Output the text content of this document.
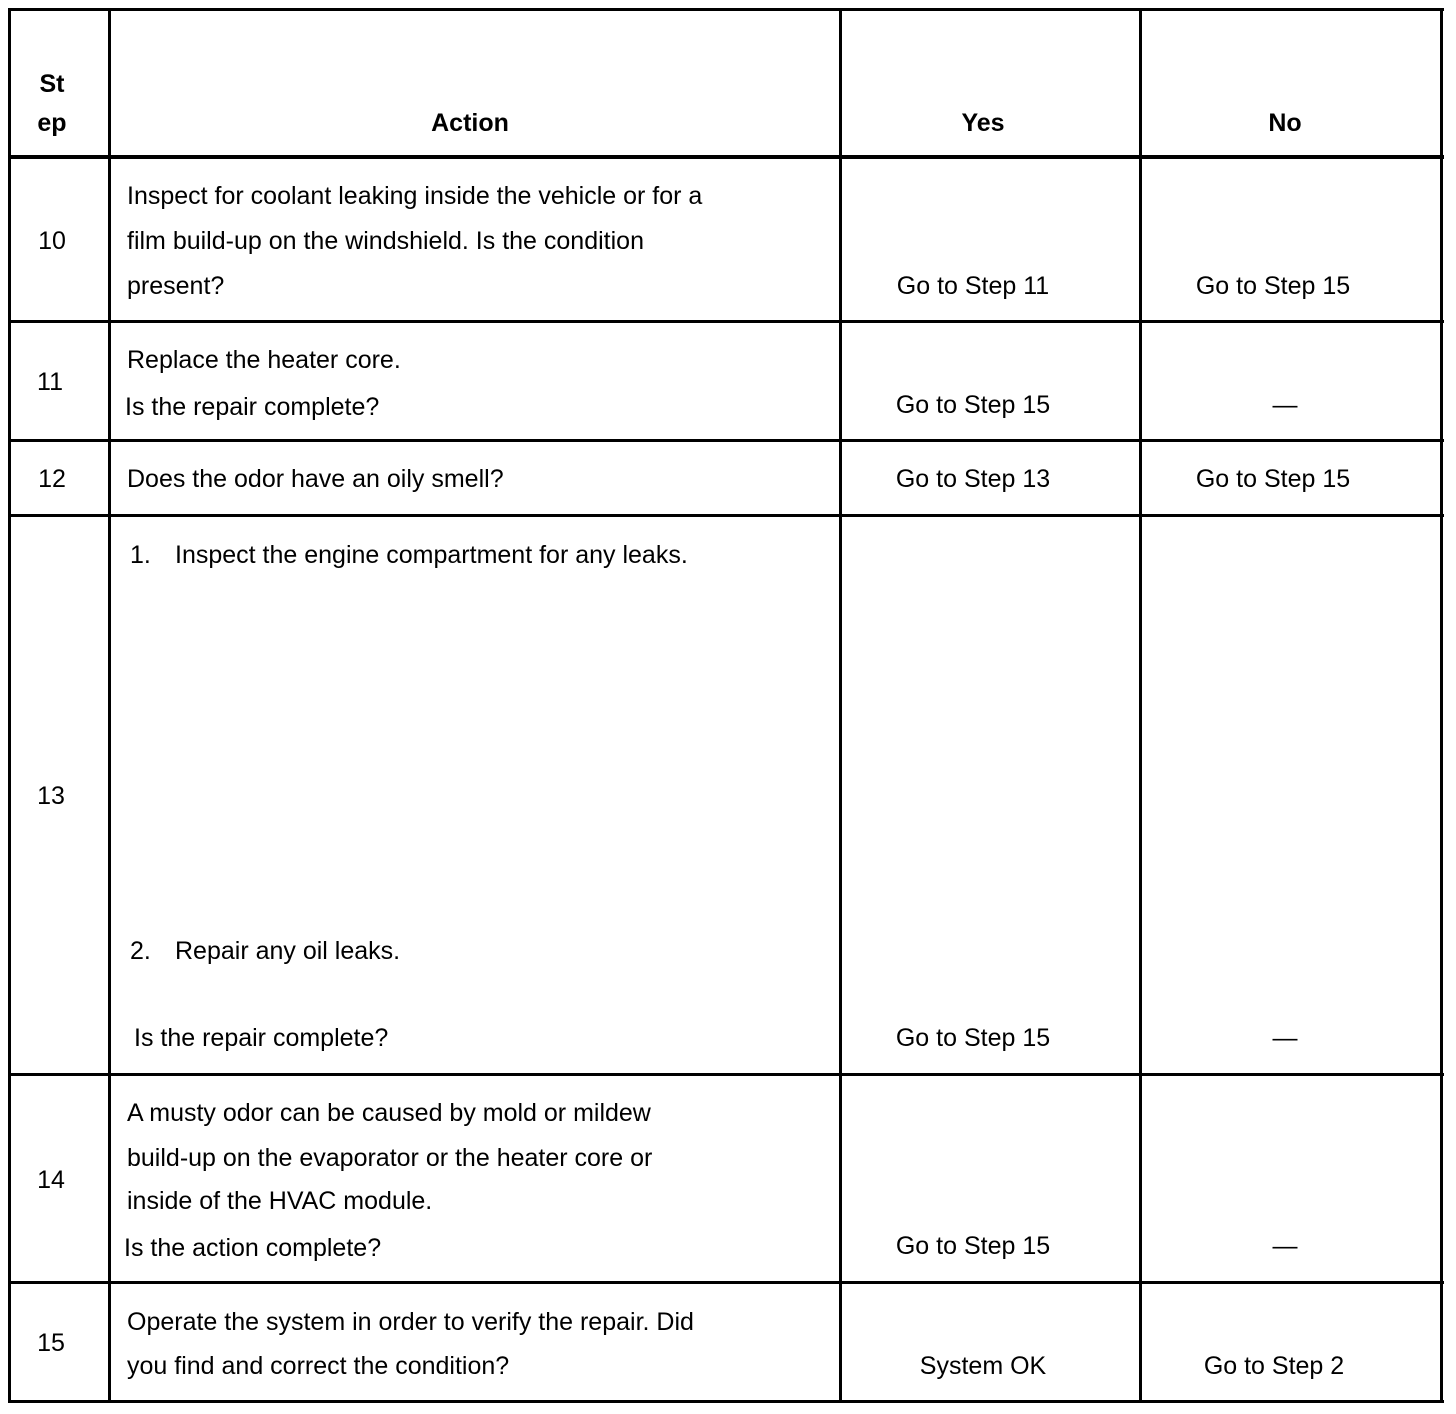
St
ep	Action	Yes	No
10
Inspect for coolant leaking inside the vehicle or for a
film build-up on the windshield. Is the condition
present?	Go to Step 11	Go to Step 15
11
Replace the heater core.
Is the repair complete?	Go to Step 15	—
12 Does the odor have an oily smell?	Go to Step 13	Go to Step 15
13
1. Inspect the engine compartment for any leaks.
2. Repair any oil leaks.
Is the repair complete?	Go to Step 15	—
14
A musty odor can be caused by mold or mildew
build-up on the evaporator or the heater core or
inside of the HVAC module.
Is the action complete?	Go to Step 15	—
15
Operate the system in order to verify the repair. Did
you find and correct the condition?	System OK	Go to Step 2
